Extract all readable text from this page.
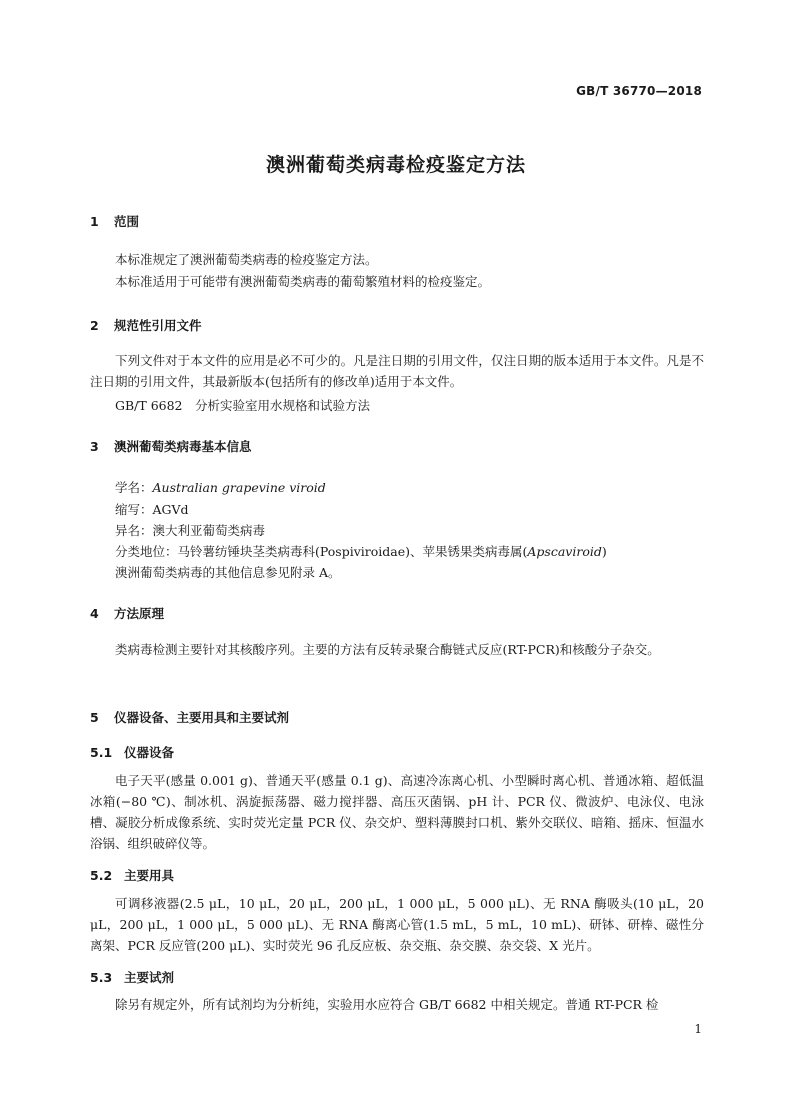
GB/T 36770—2018
澳洲葡萄类病毒检疫鉴定方法
1 范围
本标准规定了澳洲葡萄类病毒的检疫鉴定方法。
本标准适用于可能带有澳洲葡萄类病毒的葡萄繁殖材料的检疫鉴定。
2 规范性引用文件
下列文件对于本文件的应用是必不可少的。凡是注日期的引用文件，仅注日期的版本适用于本文件。凡是不注日期的引用文件，其最新版本(包括所有的修改单)适用于本文件。
GB/T 6682　分析实验室用水规格和试验方法
3 澳洲葡萄类病毒基本信息
学名：Australian grapevine viroid
缩写：AGVd
异名：澳大利亚葡萄类病毒
分类地位：马铃薯纺锤块茎类病毒科(Pospiviroidae)、苹果锈果类病毒属(Apscaviroid)
澳洲葡萄类病毒的其他信息参见附录 A。
4 方法原理
类病毒检测主要针对其核酸序列。主要的方法有反转录聚合酶链式反应(RT-PCR)和核酸分子杂交。
5 仪器设备、主要用具和主要试剂
5.1 仪器设备
电子天平(感量 0.001 g)、普通天平(感量 0.1 g)、高速冷冻离心机、小型瞬时离心机、普通冰箱、超低温冰箱(−80 ℃)、制冰机、涡旋振荡器、磁力搅拌器、高压灭菌锅、pH 计、PCR 仪、微波炉、电泳仪、电泳槽、凝胶分析成像系统、实时荧光定量 PCR 仪、杂交炉、塑料薄膜封口机、紫外交联仪、暗箱、摇床、恒温水浴锅、组织破碎仪等。
5.2 主要用具
可调移液器(2.5 μL，10 μL，20 μL，200 μL，1 000 μL，5 000 μL)、无 RNA 酶吸头(10 μL，20 μL，200 μL，1 000 μL，5 000 μL)、无 RNA 酶离心管(1.5 mL，5 mL，10 mL)、研钵、研棒、磁性分离架、PCR 反应管(200 μL)、实时荧光 96 孔反应板、杂交瓶、杂交膜、杂交袋、X 光片。
5.3 主要试剂
除另有规定外，所有试剂均为分析纯，实验用水应符合 GB/T 6682 中相关规定。普通 RT-PCR 检
1
